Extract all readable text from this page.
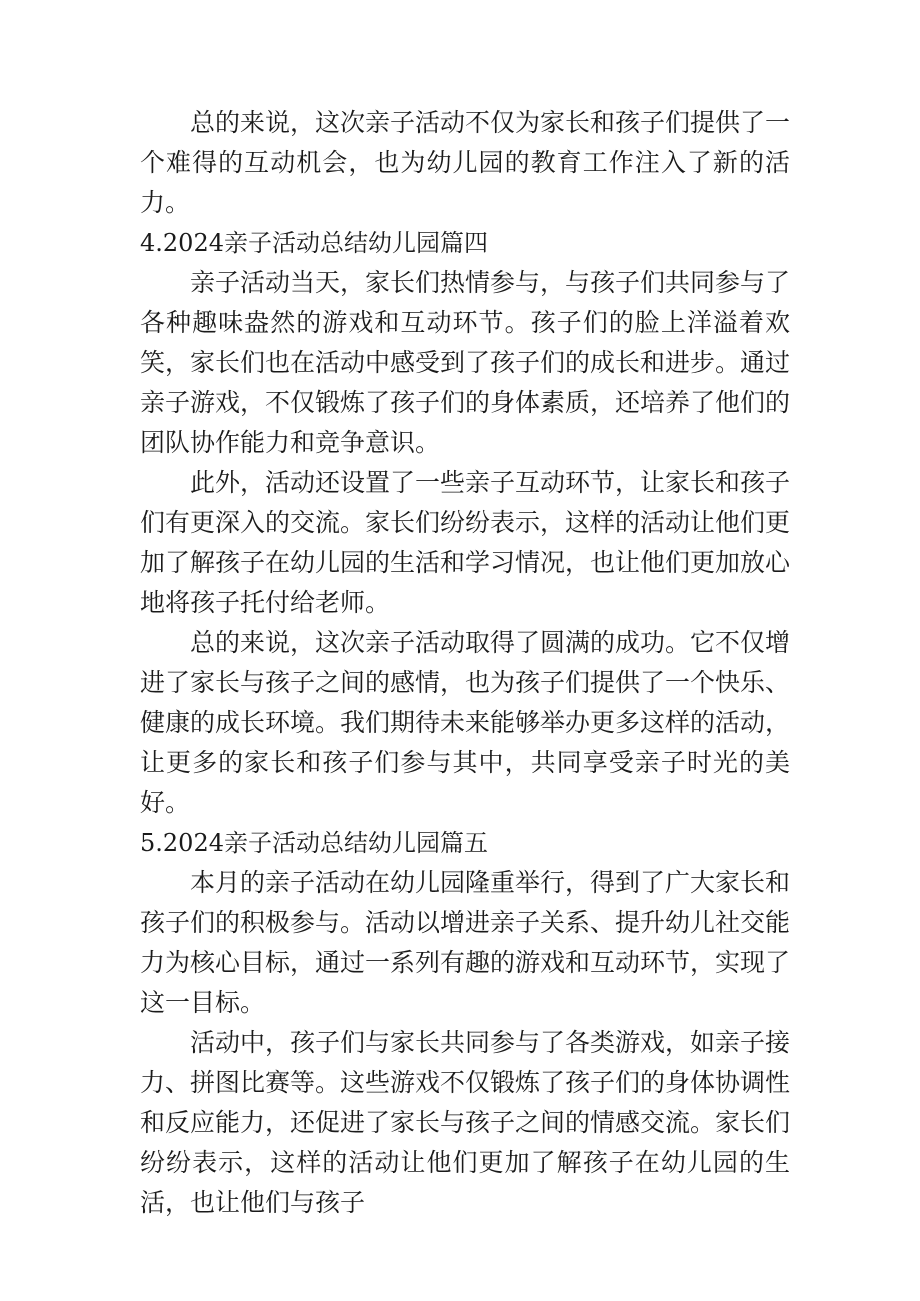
总的来说，这次亲子活动不仅为家长和孩子们提供了一个难得的互动机会，也为幼儿园的教育工作注入了新的活力。

4.2024亲子活动总结幼儿园篇四

亲子活动当天，家长们热情参与，与孩子们共同参与了各种趣味盎然的游戏和互动环节。孩子们的脸上洋溢着欢笑，家长们也在活动中感受到了孩子们的成长和进步。通过亲子游戏，不仅锻炼了孩子们的身体素质，还培养了他们的团队协作能力和竞争意识。

此外，活动还设置了一些亲子互动环节，让家长和孩子们有更深入的交流。家长们纷纷表示，这样的活动让他们更加了解孩子在幼儿园的生活和学习情况，也让他们更加放心地将孩子托付给老师。

总的来说，这次亲子活动取得了圆满的成功。它不仅增进了家长与孩子之间的感情，也为孩子们提供了一个快乐、健康的成长环境。我们期待未来能够举办更多这样的活动，让更多的家长和孩子们参与其中，共同享受亲子时光的美好。

5.2024亲子活动总结幼儿园篇五

本月的亲子活动在幼儿园隆重举行，得到了广大家长和孩子们的积极参与。活动以增进亲子关系、提升幼儿社交能力为核心目标，通过一系列有趣的游戏和互动环节，实现了这一目标。

活动中，孩子们与家长共同参与了各类游戏，如亲子接力、拼图比赛等。这些游戏不仅锻炼了孩子们的身体协调性和反应能力，还促进了家长与孩子之间的情感交流。家长们纷纷表示，这样的活动让他们更加了解孩子在幼儿园的生活，也让他们与孩子
